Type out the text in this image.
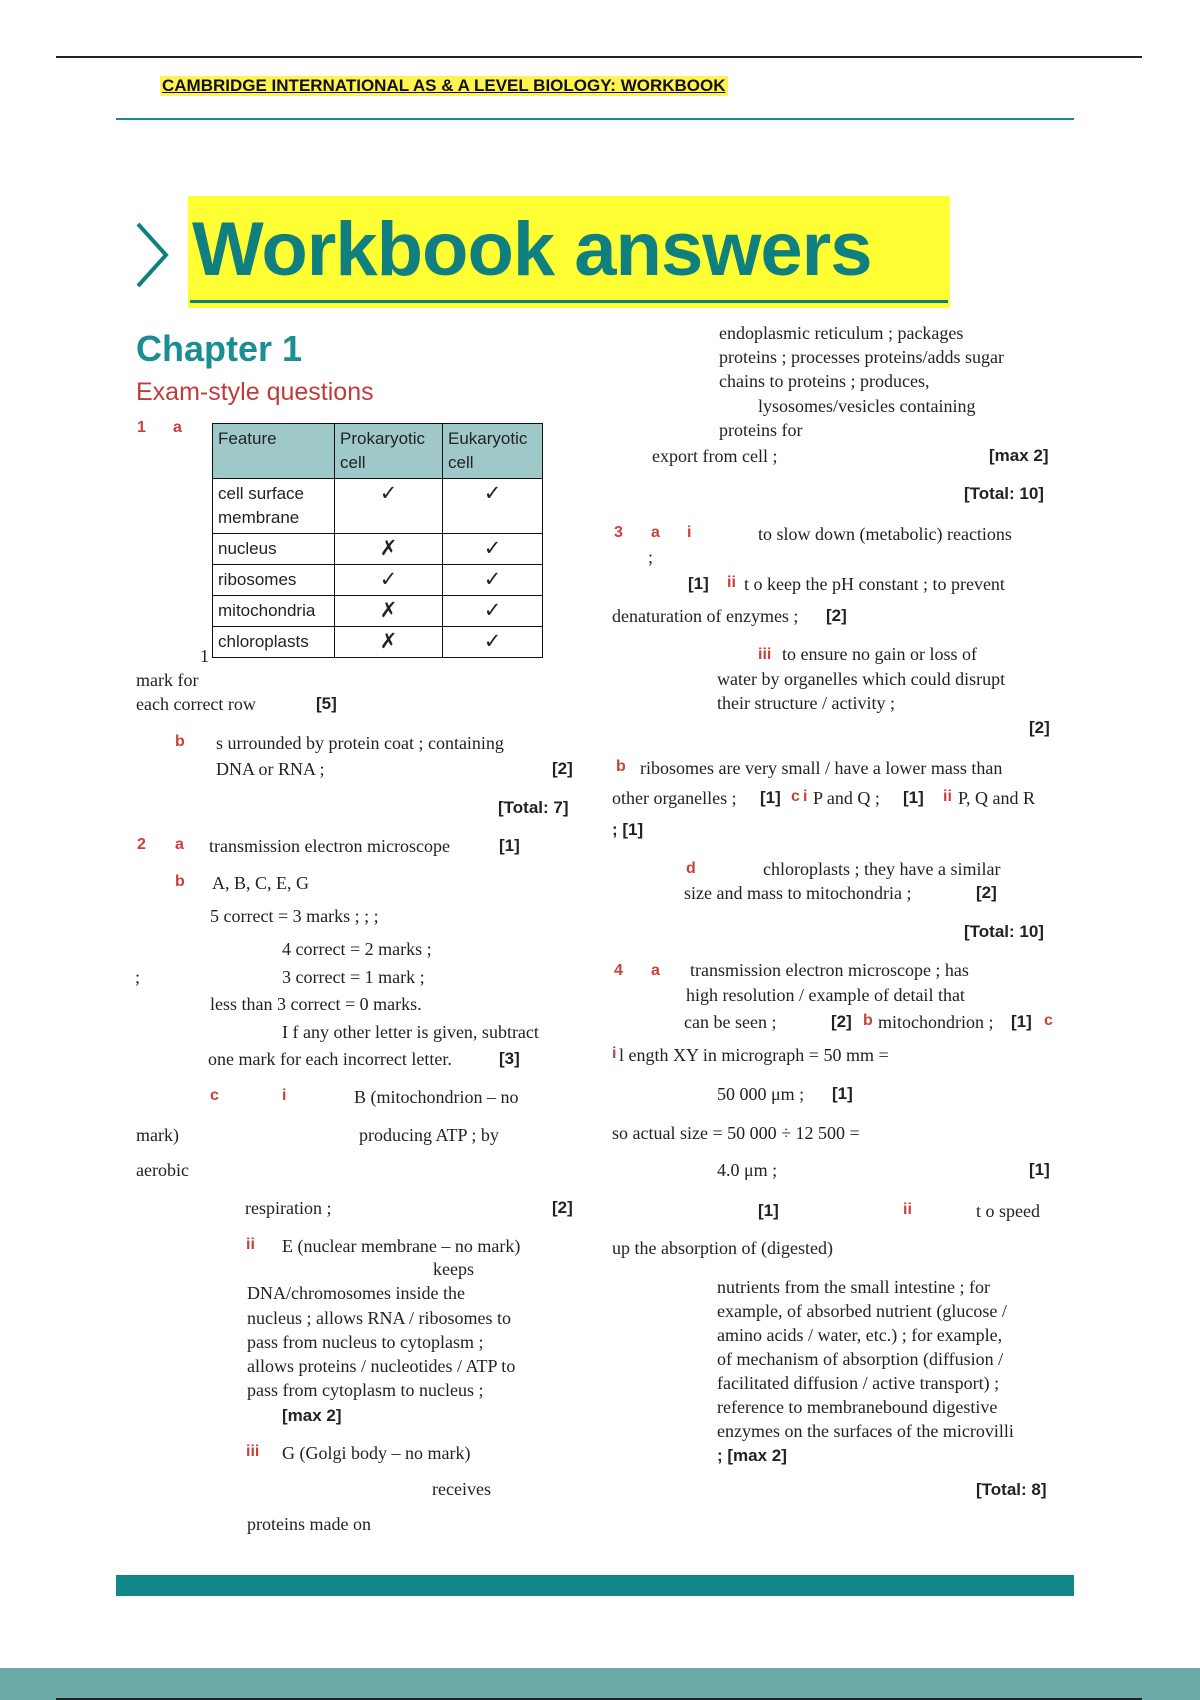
CAMBRIDGE INTERNATIONAL AS & A LEVEL BIOLOGY: WORKBOOK
Workbook answers
Chapter 1
Exam-style questions
1 a
Feature	Prokaryotic cell	Eukaryotic cell
cell surface membrane	✓	✓
nucleus	✗	✓
ribosomes	✓	✓
mitochondria	✗	✓
chloroplasts	✗	✓
1
mark for
each correct row	[5]
b s urrounded by protein coat ; containing
DNA or RNA ;	[2]
[Total: 7]
2 a transmission electron microscope	[1]
b A, B, C, E, G
5 correct = 3 marks ; ; ;
4 correct = 2 marks ;
;	3 correct = 1 mark ;
less than 3 correct = 0 marks.
I f any other letter is given, subtract
one mark for each incorrect letter.	[3]
c	i	B (mitochondrion – no
mark)	producing ATP ; by
aerobic
respiration ;	[2]
ii E (nuclear membrane – no mark)
keeps
DNA/chromosomes inside the
nucleus ; allows RNA / ribosomes to
pass from nucleus to cytoplasm ;
allows proteins / nucleotides / ATP to
pass from cytoplasm to nucleus ;
[max 2]
iii G (Golgi body – no mark)
receives
proteins made on
endoplasmic reticulum ; packages
proteins ; processes proteins/adds sugar
chains to proteins ; produces,
lysosomes/vesicles containing
proteins for
export from cell ;	[max 2]
[Total: 10]
3 a i	to slow down (metabolic) reactions
;
[1] ii t o keep the pH constant ; to prevent
denaturation of enzymes ; [2]
iii to ensure no gain or loss of
water by organelles which could disrupt
their structure / activity ;
[2]
b ribosomes are very small / have a lower mass than
other organelles ; [1] c i P and Q ; [1] ii P, Q and R
; [1]
d	chloroplasts ; they have a similar
size and mass to mitochondria ;	[2]
[Total: 10]
4 a transmission electron microscope ; has
high resolution / example of detail that
can be seen ;	[2] b mitochondrion ; [1] c
i l ength XY in micrograph = 50 mm =
50 000 μm ; [1]
so actual size = 50 000 ÷ 12 500 =
4.0 μm ;	[1]
[1]	ii	t o speed
up the absorption of (digested)
nutrients from the small intestine ; for
example, of absorbed nutrient (glucose /
amino acids / water, etc.) ; for example,
of mechanism of absorption (diffusion /
facilitated diffusion / active transport) ;
reference to membranebound digestive
enzymes on the surfaces of the microvilli
; [max 2]
[Total: 8]
